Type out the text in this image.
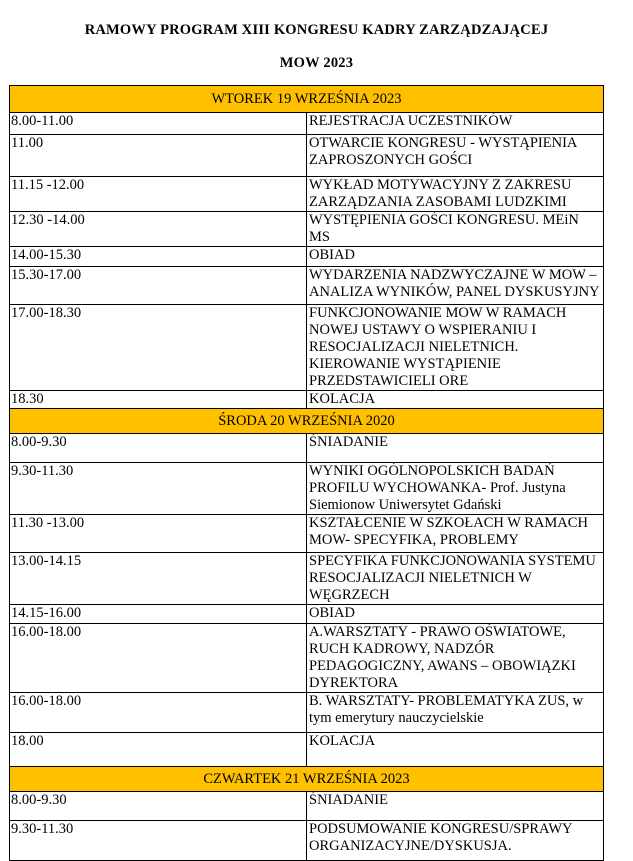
RAMOWY PROGRAM XIII KONGRESU KADRY ZARZĄDZAJĄCEJ
MOW 2023
WTOREK 19 WRZEŚNIA 2023	
8.00-11.00	REJESTRACJA UCZESTNIKÓW
11.00	OTWARCIE KONGRESU - WYSTĄPIENIA ZAPROSZONYCH GOŚCI
11.15 -12.00	WYKŁAD MOTYWACYJNY Z ZAKRESU ZARZĄDZANIA ZASOBAMI LUDZKIMI
12.30 -14.00	WYSTĘPIENIA GOŚCI KONGRESU. MEiN MS
14.00-15.30	OBIAD
15.30-17.00	WYDARZENIA NADZWYCZAJNE W MOW – ANALIZA WYNIKÓW, PANEL DYSKUSYJNY
17.00-18.30	FUNKCJONOWANIE MOW W RAMACH NOWEJ USTAWY O WSPIERANIU I RESOCJALIZACJI NIELETNICH. KIEROWANIE WYSTĄPIENIE PRZEDSTAWICIELI ORE
18.30	KOLACJA
ŚRODA 20 WRZEŚNIA 2020	
8.00-9.30	ŚNIADANIE
9.30-11.30	WYNIKI OGÓLNOPOLSKICH BADAŃ PROFILU WYCHOWANKA- Prof. Justyna Siemionow Uniwersytet Gdański
11.30 -13.00	KSZTAŁCENIE W SZKOŁACH W RAMACH MOW- SPECYFIKA, PROBLEMY
13.00-14.15	SPECYFIKA FUNKCJONOWANIA SYSTEMU RESOCJALIZACJI NIELETNICH W WĘGRZECH
14.15-16.00	OBIAD
16.00-18.00	A.WARSZTATY - PRAWO OŚWIATOWE, RUCH KADROWY, NADZÓR PEDAGOGICZNY, AWANS – OBOWIĄZKI DYREKTORA
16.00-18.00	B. WARSZTATY- PROBLEMATYKA ZUS, w tym emerytury nauczycielskie
18.00	KOLACJA
CZWARTEK 21 WRZEŚNIA 2023	
8.00-9.30	ŚNIADANIE
9.30-11.30	PODSUMOWANIE KONGRESU/SPRAWY ORGANIZACYJNE/DYSKUSJA.
